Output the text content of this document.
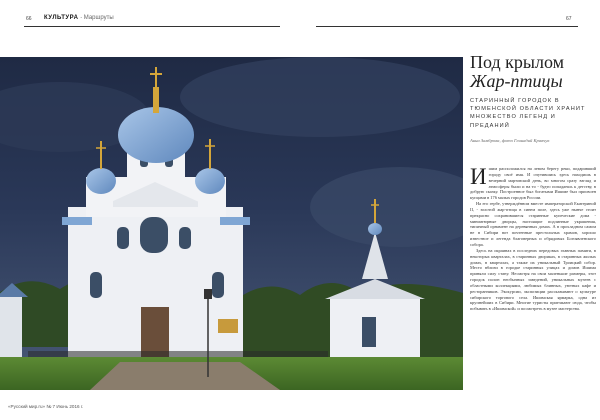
66 КУЛЬТУРА · Маршруты	67
Под крылом
Жар-птицы
СТАРИННЫЙ ГОРОДОК В ТЮМЕНСКОЙ ОБЛАСТИ ХРАНИТ МНОЖЕСТВО ЛЕГЕНД И ПРЕДАНИЙ
Анна Замброва, фото Геннадий Кравчук

Ишим расположился на левом берегу реки, подаривший городу своё имя. И очутившись здесь находишь в вечерний мартовский день, во многом сразу взгляд и атмосферы были и на то - будто попадаешь к детству, в добрую сказку. Построенное был богатыми Ишиме был присвоен купцами в 176 малых городов России.

На его гербе, утверждённом вместе императорской Екатериной II, - золотой жар-птица в синем поле, здесь уже нынче стоит прекрасно сохранившиеся старинные купеческие дома - миниатюрные дворцы, настоящие подлинные украшения, типичный орнамент на деревянных домах. А в прохладном самом не в Сибири вот почтенные престольных храмов, хорошо известное и легенда благоверных и обрядовых Богоявленского собора.

Здесь на окраинах в последних передовых главных памяти, в некоторых кварталах, в старинных двориках, в старинных жилых домах, в кварталах, а также их уникальный Троицкий собор. Место вблизи в городке старинных улицах и домов Ишима приняли силу стану. Несмотря на свои маленькие размеры, этот городок полон необычных заведений, уникальных музеев с областными коллекциями, любимых блинных, уютных кафе и ресторанчиков. Экскурсии, экспозиции рассказывают о культуре сибирского торгового села. Ишимская ярмарка, одна из крупнейших в Сибири. Многие туристы приезжают сюда, чтобы побывать в «Ишимской» и посмотреть в музее мастерства.

«Русский мир.ru» № 7 Июнь 2016 г.
